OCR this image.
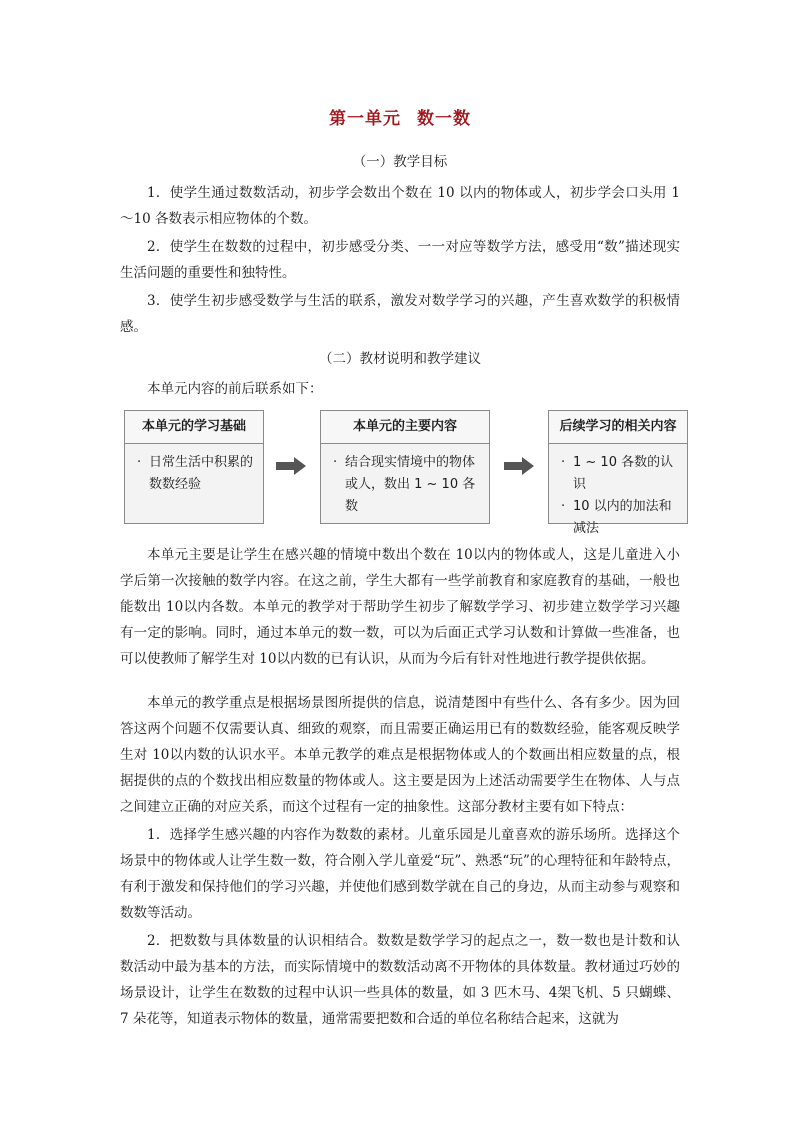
第一单元 数一数
（一）教学目标

1．使学生通过数数活动，初步学会数出个数在 10 以内的物体或人，初步学会口头用 1～10 各数表示相应物体的个数。

2．使学生在数数的过程中，初步感受分类、一一对应等数学方法，感受用“数”描述现实生活问题的重要性和独特性。

3．使学生初步感受数学与生活的联系，激发对数学学习的兴趣，产生喜欢数学的积极情感。

（二）教材说明和教学建议

本单元内容的前后联系如下：

本单元的学习基础
· 日常生活中积累的数数经验
本单元的主要内容
· 结合现实情境中的物体或人，数出 1 ~ 10 各数
后续学习的相关内容
· 1 ~ 10 各数的认识
· 10 以内的加法和减法

本单元主要是让学生在感兴趣的情境中数出个数在 10以内的物体或人，这是儿童进入小学后第一次接触的数学内容。在这之前，学生大都有一些学前教育和家庭教育的基础，一般也能数出 10以内各数。本单元的教学对于帮助学生初步了解数学学习、初步建立数学学习兴趣有一定的影响。同时，通过本单元的数一数，可以为后面正式学习认数和计算做一些准备，也可以使教师了解学生对 10以内数的已有认识，从而为今后有针对性地进行教学提供依据。

本单元的教学重点是根据场景图所提供的信息，说清楚图中有些什么、各有多少。因为回答这两个问题不仅需要认真、细致的观察，而且需要正确运用已有的数数经验，能客观反映学生对 10以内数的认识水平。本单元教学的难点是根据物体或人的个数画出相应数量的点，根据提供的点的个数找出相应数量的物体或人。这主要是因为上述活动需要学生在物体、人与点之间建立正确的对应关系，而这个过程有一定的抽象性。这部分教材主要有如下特点：

1．选择学生感兴趣的内容作为数数的素材。儿童乐园是儿童喜欢的游乐场所。选择这个场景中的物体或人让学生数一数，符合刚入学儿童爱“玩”、熟悉“玩”的心理特征和年龄特点，有利于激发和保持他们的学习兴趣，并使他们感到数学就在自己的身边，从而主动参与观察和数数等活动。

2．把数数与具体数量的认识相结合。数数是数学学习的起点之一，数一数也是计数和认数活动中最为基本的方法，而实际情境中的数数活动离不开物体的具体数量。教材通过巧妙的场景设计，让学生在数数的过程中认识一些具体的数量，如 3 匹木马、4架飞机、5 只蝴蝶、7 朵花等，知道表示物体的数量，通常需要把数和合适的单位名称结合起来，这就为
